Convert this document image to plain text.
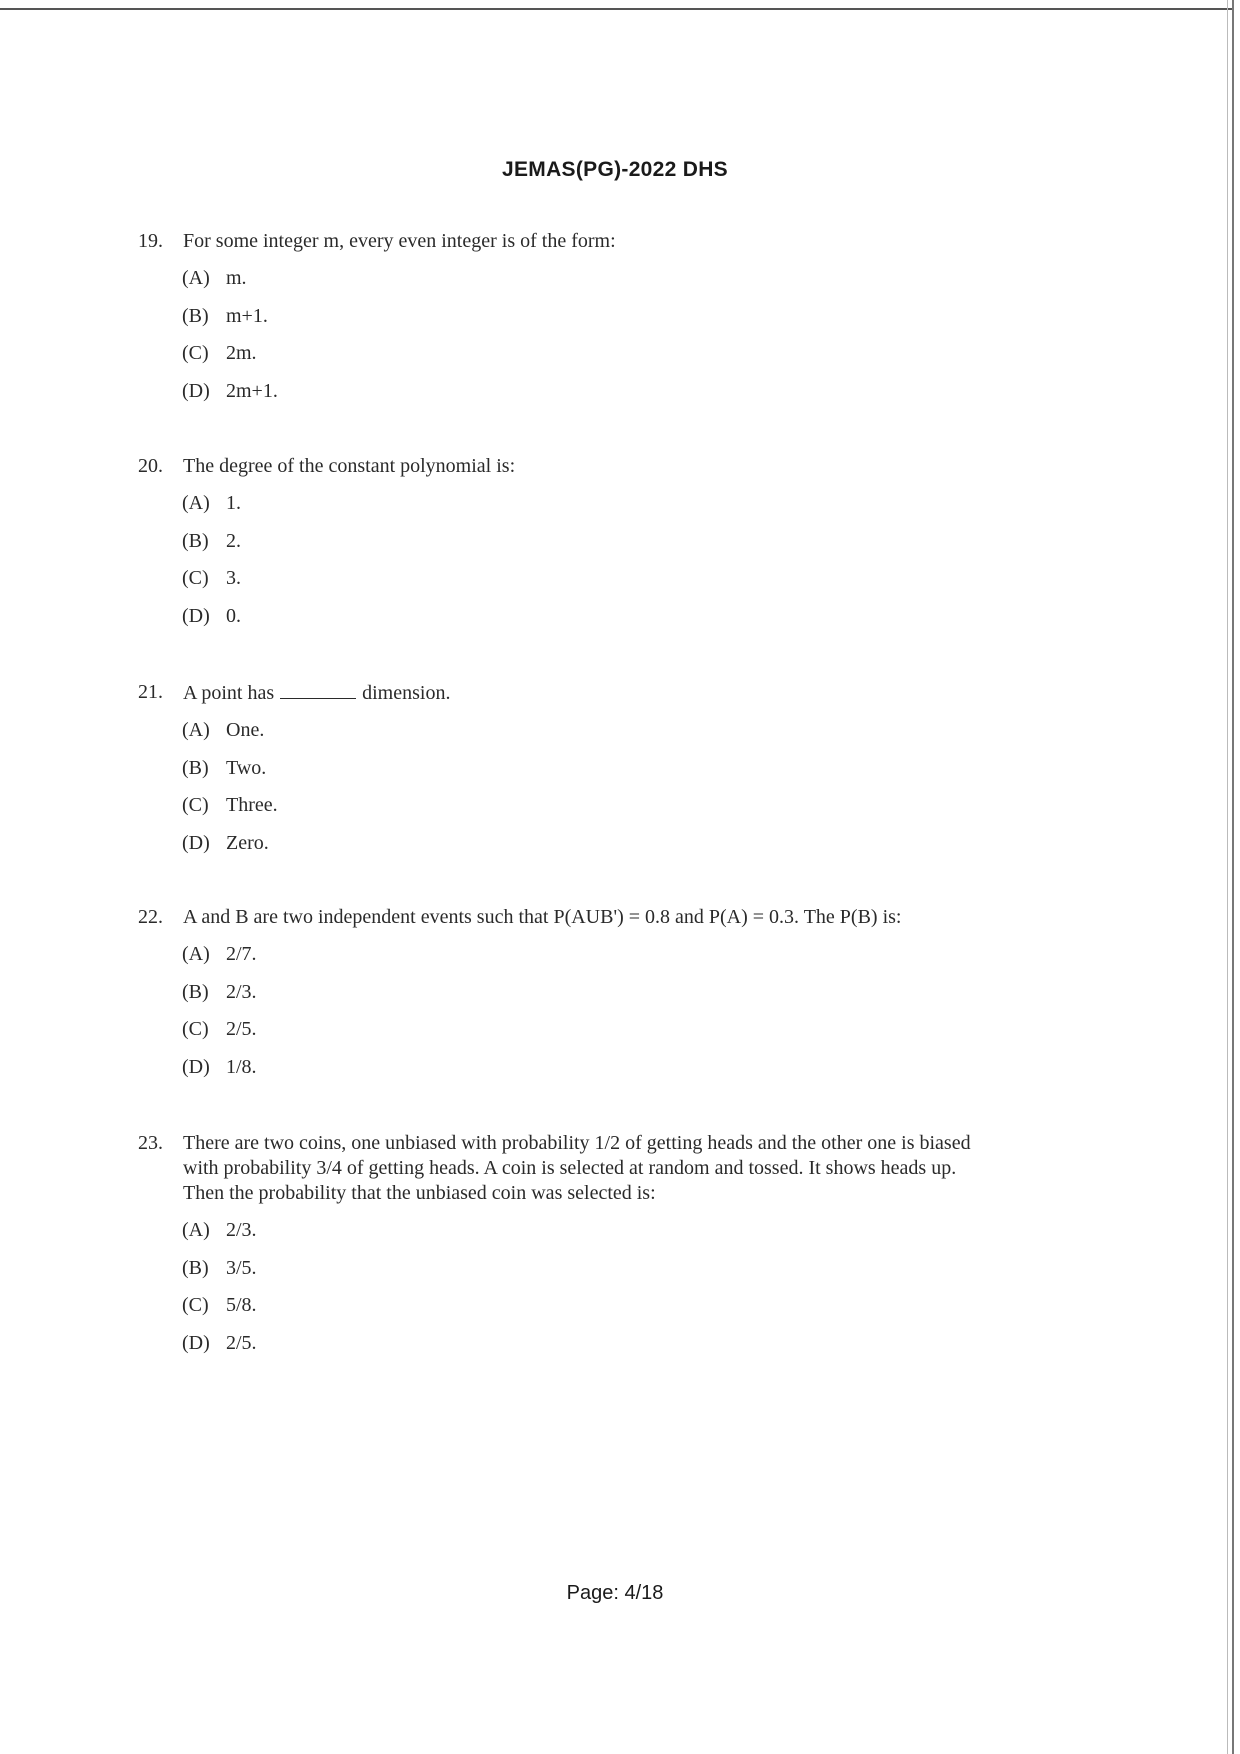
JEMAS(PG)-2022 DHS
19.	For some integer m, every even integer is of the form:
(A) m.
(B) m+1.
(C) 2m.
(D) 2m+1.
20.	The degree of the constant polynomial is:
(A) 1.
(B) 2.
(C) 3.
(D) 0.
21.	A point has	dimension.
(A) One.
(B) Two.
(C) Three.
(D) Zero.
22.	A and B are two independent events such that P(AUB') = 0.8 and P(A) = 0.3. The P(B) is:
(A) 2/7.
(B) 2/3.
(C) 2/5.
(D) 1/8.
23.	There are two coins, one unbiased with probability 1/2 of getting heads and the other one is biased
with probability 3/4 of getting heads. A coin is selected at random and tossed. It shows heads up.
Then the probability that the unbiased coin was selected is:
(A) 2/3.
(B) 3/5.
(C) 5/8.
(D) 2/5.
Page: 4/18
